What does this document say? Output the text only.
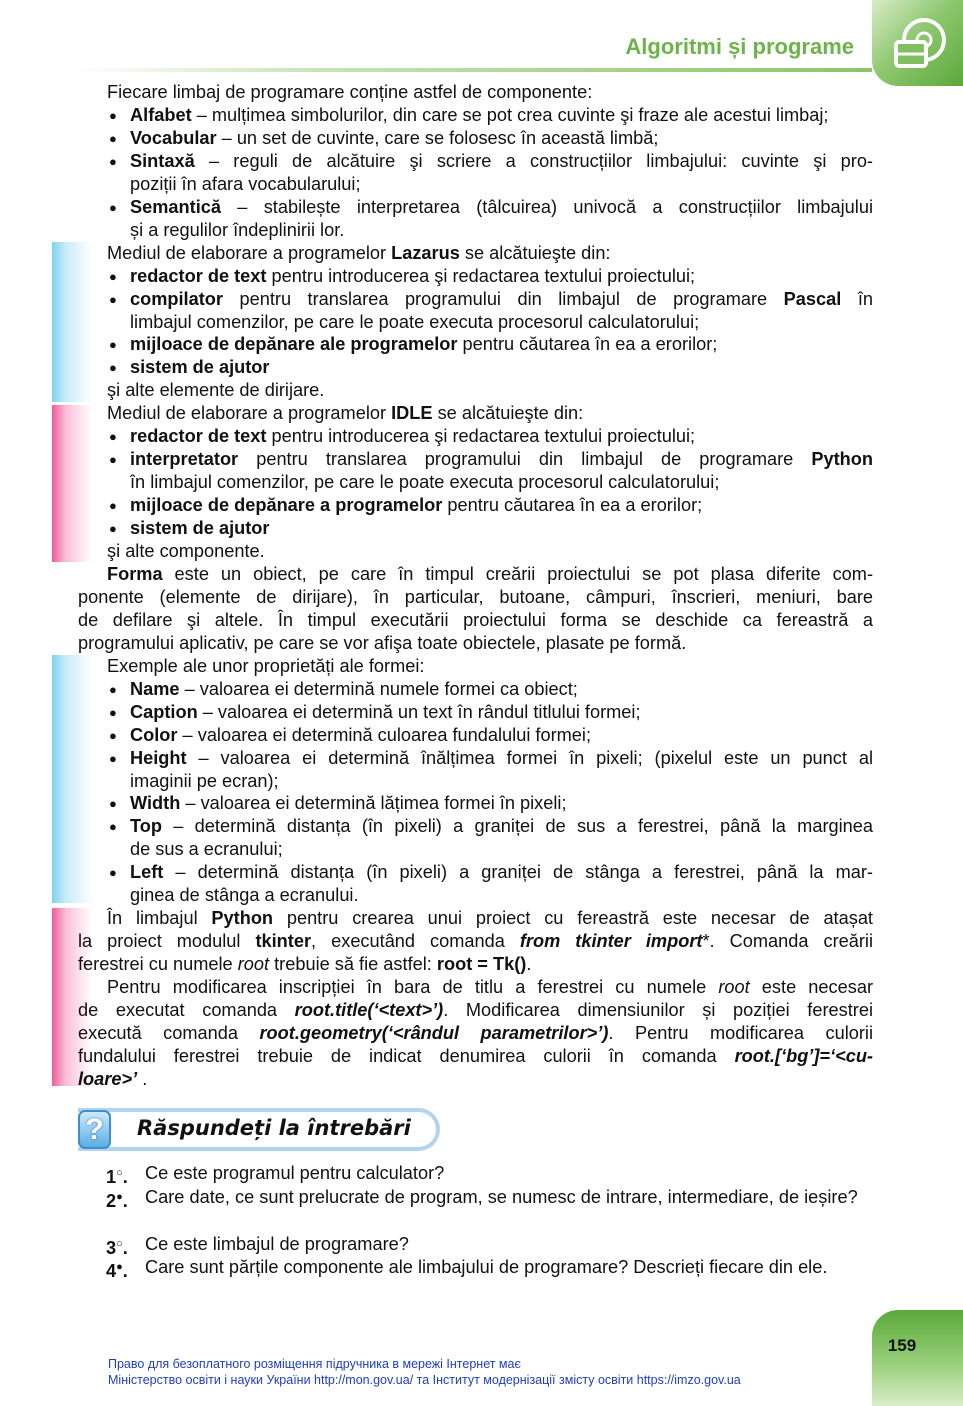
Algoritmi și programe
Fiecare limbaj de programare conține astfel de componente:
● Alfabet – mulțimea simbolurilor, din care se pot crea cuvinte şi fraze ale acestui limbaj;
● Vocabular – un set de cuvinte, care se folosesc în această limbă;
● Sintaxă – reguli de alcătuire şi scriere a construcțiilor limbajului: cuvinte şi pro-
poziții în afara vocabularului;
● Semantică – stabilește interpretarea (tâlcuirea) univocă a construcțiilor limbajului
și a regulilor îndeplinirii lor.
Mediul de elaborare a programelor Lazarus se alcătuieşte din:
● redactor de text pentru introducerea şi redactarea textului proiectului;
● compilator pentru translarea programului din limbajul de programare Pascal în
limbajul comenzilor, pe care le poate executa procesorul calculatorului;
● mijloace de depănare ale programelor pentru căutarea în ea a erorilor;
● sistem de ajutor
şi alte elemente de dirijare.
Mediul de elaborare a programelor IDLE se alcătuieşte din:
● redactor de text pentru introducerea şi redactarea textului proiectului;
● interpretator pentru translarea programului din limbajul de programare Python
în limbajul comenzilor, pe care le poate executa procesorul calculatorului;
● mijloace de depănare a programelor pentru căutarea în ea a erorilor;
● sistem de ajutor
şi alte componente.
Forma este un obiect, pe care în timpul creării proiectului se pot plasa diferite com-
ponente (elemente de dirijare), în particular, butoane, câmpuri, înscrieri, meniuri, bare
de defilare şi altele. În timpul executării proiectului forma se deschide ca fereastră a
programului aplicativ, pe care se vor afişa toate obiectele, plasate pe formă.
Exemple ale unor proprietăți ale formei:
● Name – valoarea ei determină numele formei ca obiect;
● Caption – valoarea ei determină un text în rândul titlului formei;
● Color – valoarea ei determină culoarea fundalului formei;
● Height – valoarea ei determină înălțimea formei în pixeli; (pixelul este un punct al
imaginii pe ecran);
● Width – valoarea ei determină lățimea formei în pixeli;
● Top – determină distanța (în pixeli) a graniței de sus a ferestrei, până la marginea
de sus a ecranului;
● Left – determină distanța (în pixeli) a graniței de stânga a ferestrei, până la mar-
ginea de stânga a ecranului.
În limbajul Python pentru crearea unui proiect cu fereastră este necesar de atașat
la proiect modulul tkinter, executând comanda from tkinter import*. Comanda creării
ferestrei cu numele root trebuie să fie astfel: root = Tk().
Pentru modificarea inscripției în bara de titlu a ferestrei cu numele root este necesar
de executat comanda root.title(‘<text>’). Modificarea dimensiunilor și poziției ferestrei
execută comanda root.geometry(‘<rândul parametrilor>’). Pentru modificarea culorii
fundalului ferestrei trebuie de indicat denumirea culorii în comanda root.[‘bg’]=‘<cu-
loare>’ .
?	Răspundeți la întrebări
1○. Ce este programul pentru calculator?
2●. Care date, ce sunt prelucrate de program, se numesc de intrare, intermediare, de ieșire?
3○. Ce este limbajul de programare?
4●. Care sunt părțile componente ale limbajului de programare? Descrieți fiecare din ele.
Право для безоплатного розміщення підручника в мережі Інтернет має
Міністерство освіти і науки України http://mon.gov.ua/ та Інститут модернізації змісту освіти https://imzo.gov.ua
159
